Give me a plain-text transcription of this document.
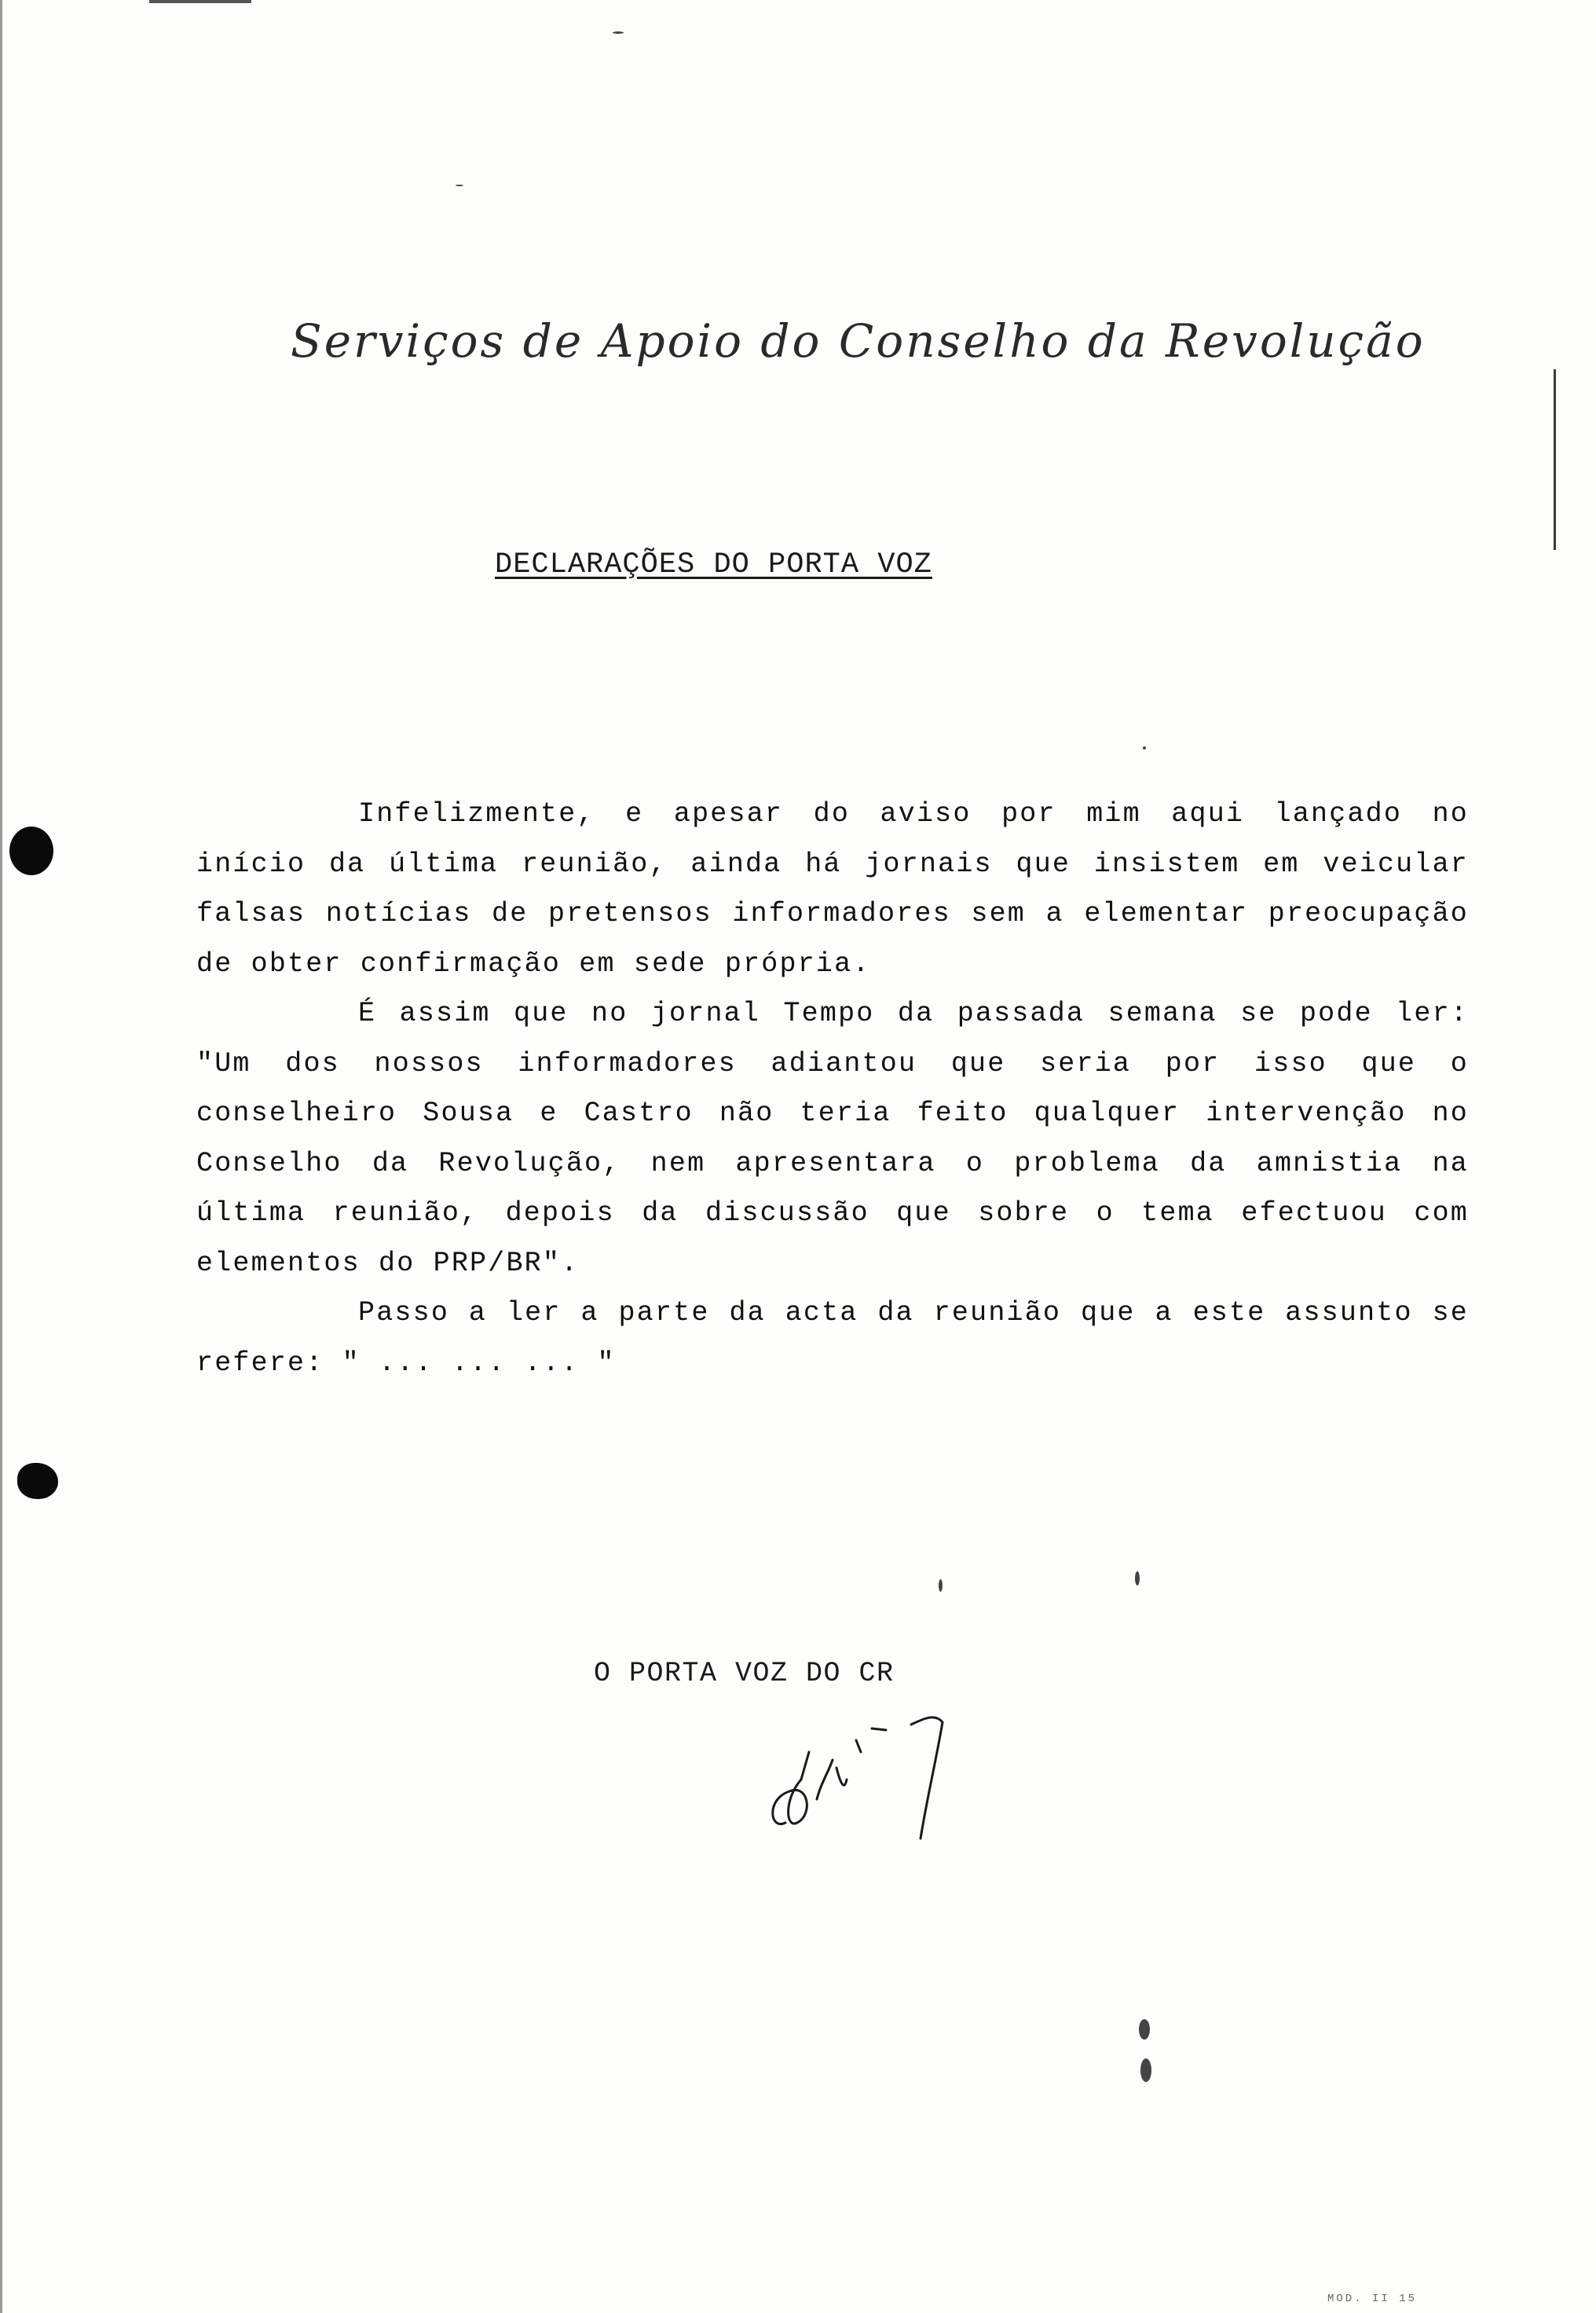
Serviços de Apoio do Conselho da Revolução
DECLARAÇÕES DO PORTA VOZ

Infelizmente, e apesar do aviso por mim aqui lançado no início da última reunião, ainda há jornais que insistem em veicular falsas notícias de pretensos informadores sem a elementar preocupação de obter confirmação em sede própria.

É assim que no jornal Tempo da passada semana se pode ler: "Um dos nossos informadores adiantou que seria por isso que o conselheiro Sousa e Castro não teria feito qualquer intervenção no Conselho da Revolução, nem apresentara o problema da amnistia na última reunião, depois da discussão que sobre o tema efectuou com elementos do PRP/BR".

Passo a ler a parte da acta da reunião que a este assunto se refere: " ... ... ... "

O PORTA VOZ DO CR
MOD. II 15
